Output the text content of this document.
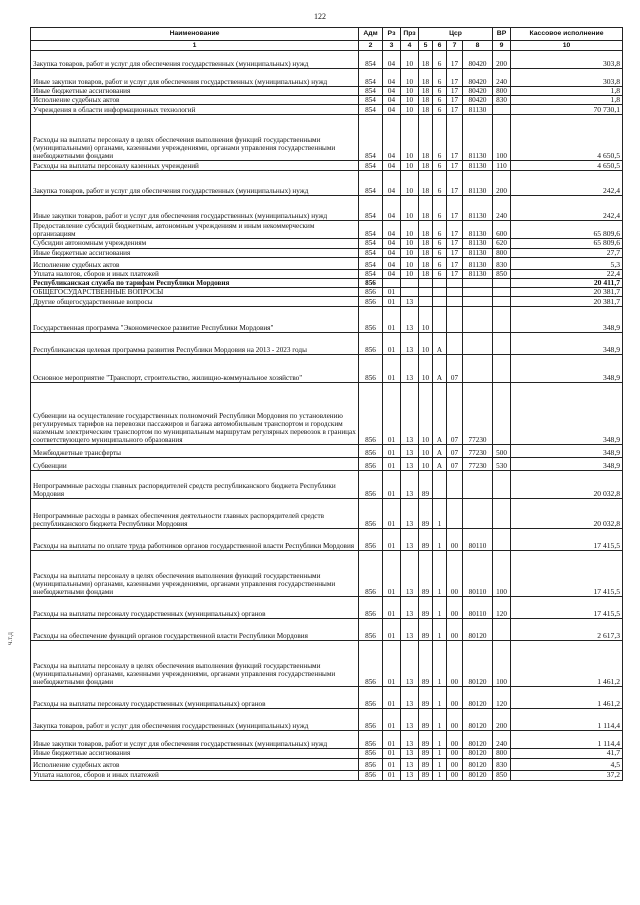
122
ч.т.д
Наименование	Адм	Рз	Прз	Цср				ВР	Кассовое исполнение
1	2	3	4	5	6	7	8	9	10
Закупка товаров, работ и услуг для обеспечения государственных (муниципальных) нужд	854	04	10	18	6	17	80420	200	303,8
Иные закупки товаров, работ и услуг для обеспечения государственных (муниципальных) нужд	854	04	10	18	6	17	80420	240	303,8
Иные бюджетные ассигнования	854	04	10	18	6	17	80420	800	1,8
Исполнение судебных актов	854	04	10	18	6	17	80420	830	1,8
Учреждения в области информационных технологий	854	04	10	18	6	17	81130		70 730,1
Расходы на выплаты персоналу в целях обеспечения выполнения функций государственными (муниципальными) органами, казенными учреждениями, органами управления государственными внебюджетными фондами	854	04	10	18	6	17	81130	100	4 650,5
Расходы на выплаты персоналу казенных учреждений	854	04	10	18	6	17	81130	110	4 650,5
Закупка товаров, работ и услуг для обеспечения государственных (муниципальных) нужд	854	04	10	18	6	17	81130	200	242,4
Иные закупки товаров, работ и услуг для обеспечения государственных (муниципальных) нужд	854	04	10	18	6	17	81130	240	242,4
Предоставление субсидий бюджетным, автономным учреждениям и иным некоммерческим организациям	854	04	10	18	6	17	81130	600	65 809,6
Субсидии автономным учреждениям	854	04	10	18	6	17	81130	620	65 809,6
Иные бюджетные ассигнования	854	04	10	18	6	17	81130	800	27,7
Исполнение судебных актов	854	04	10	18	6	17	81130	830	5,3
Уплата налогов, сборов и иных платежей	854	04	10	18	6	17	81130	850	22,4
Республиканская служба по тарифам Республики Мордовия	856								20 411,7
ОБЩЕГОСУДАРСТВЕННЫЕ ВОПРОСЫ	856	01							20 381,7
Другие общегосударственные вопросы	856	01	13						20 381,7
Государственная программа "Экономическое развитие Республики Мордовия"	856	01	13	10					348,9
Республиканская целевая программа развития Республики Мордовия на 2013 - 2023 годы	856	01	13	10	А				348,9
Основное мероприятие "Транспорт, строительство, жилищно-коммунальное хозяйство"	856	01	13	10	А	07			348,9
Субвенции на осуществление государственных полномочий Республики Мордовия по установлению регулируемых тарифов на перевозки пассажиров и багажа автомобильным транспортом и городским наземным электрическим транспортом по муниципальным маршрутам регулярных перевозок в границах соответствующего муниципального образования	856	01	13	10	А	07	77230		348,9
Межбюджетные трансферты	856	01	13	10	А	07	77230	500	348,9
Субвенции	856	01	13	10	А	07	77230	530	348,9
Непрограммные расходы главных распорядителей средств республиканского бюджета Республики Мордовия	856	01	13	89					20 032,8
Непрограммные расходы в рамках обеспечения деятельности главных распорядителей средств республиканского бюджета Республики Мордовия	856	01	13	89	1				20 032,8
Расходы на выплаты по оплате труда работников органов государственной власти Республики Мордовия	856	01	13	89	1	00	80110		17 415,5
Расходы на выплаты персоналу в целях обеспечения выполнения функций государственными (муниципальными) органами, казенными учреждениями, органами управления государственными внебюджетными фондами	856	01	13	89	1	00	80110	100	17 415,5
Расходы на выплаты персоналу государственных (муниципальных) органов	856	01	13	89	1	00	80110	120	17 415,5
Расходы на обеспечение функций органов государственной власти Республики Мордовия	856	01	13	89	1	00	80120		2 617,3
Расходы на выплаты персоналу в целях обеспечения выполнения функций государственными (муниципальными) органами, казенными учреждениями, органами управления государственными внебюджетными фондами	856	01	13	89	1	00	80120	100	1 461,2
Расходы на выплаты персоналу государственных (муниципальных) органов	856	01	13	89	1	00	80120	120	1 461,2
Закупка товаров, работ и услуг для обеспечения государственных (муниципальных) нужд	856	01	13	89	1	00	80120	200	1 114,4
Иные закупки товаров, работ и услуг для обеспечения государственных (муниципальных) нужд	856	01	13	89	1	00	80120	240	1 114,4
Иные бюджетные ассигнования	856	01	13	89	1	00	80120	800	41,7
Исполнение судебных актов	856	01	13	89	1	00	80120	830	4,5
Уплата налогов, сборов и иных платежей	856	01	13	89	1	00	80120	850	37,2
